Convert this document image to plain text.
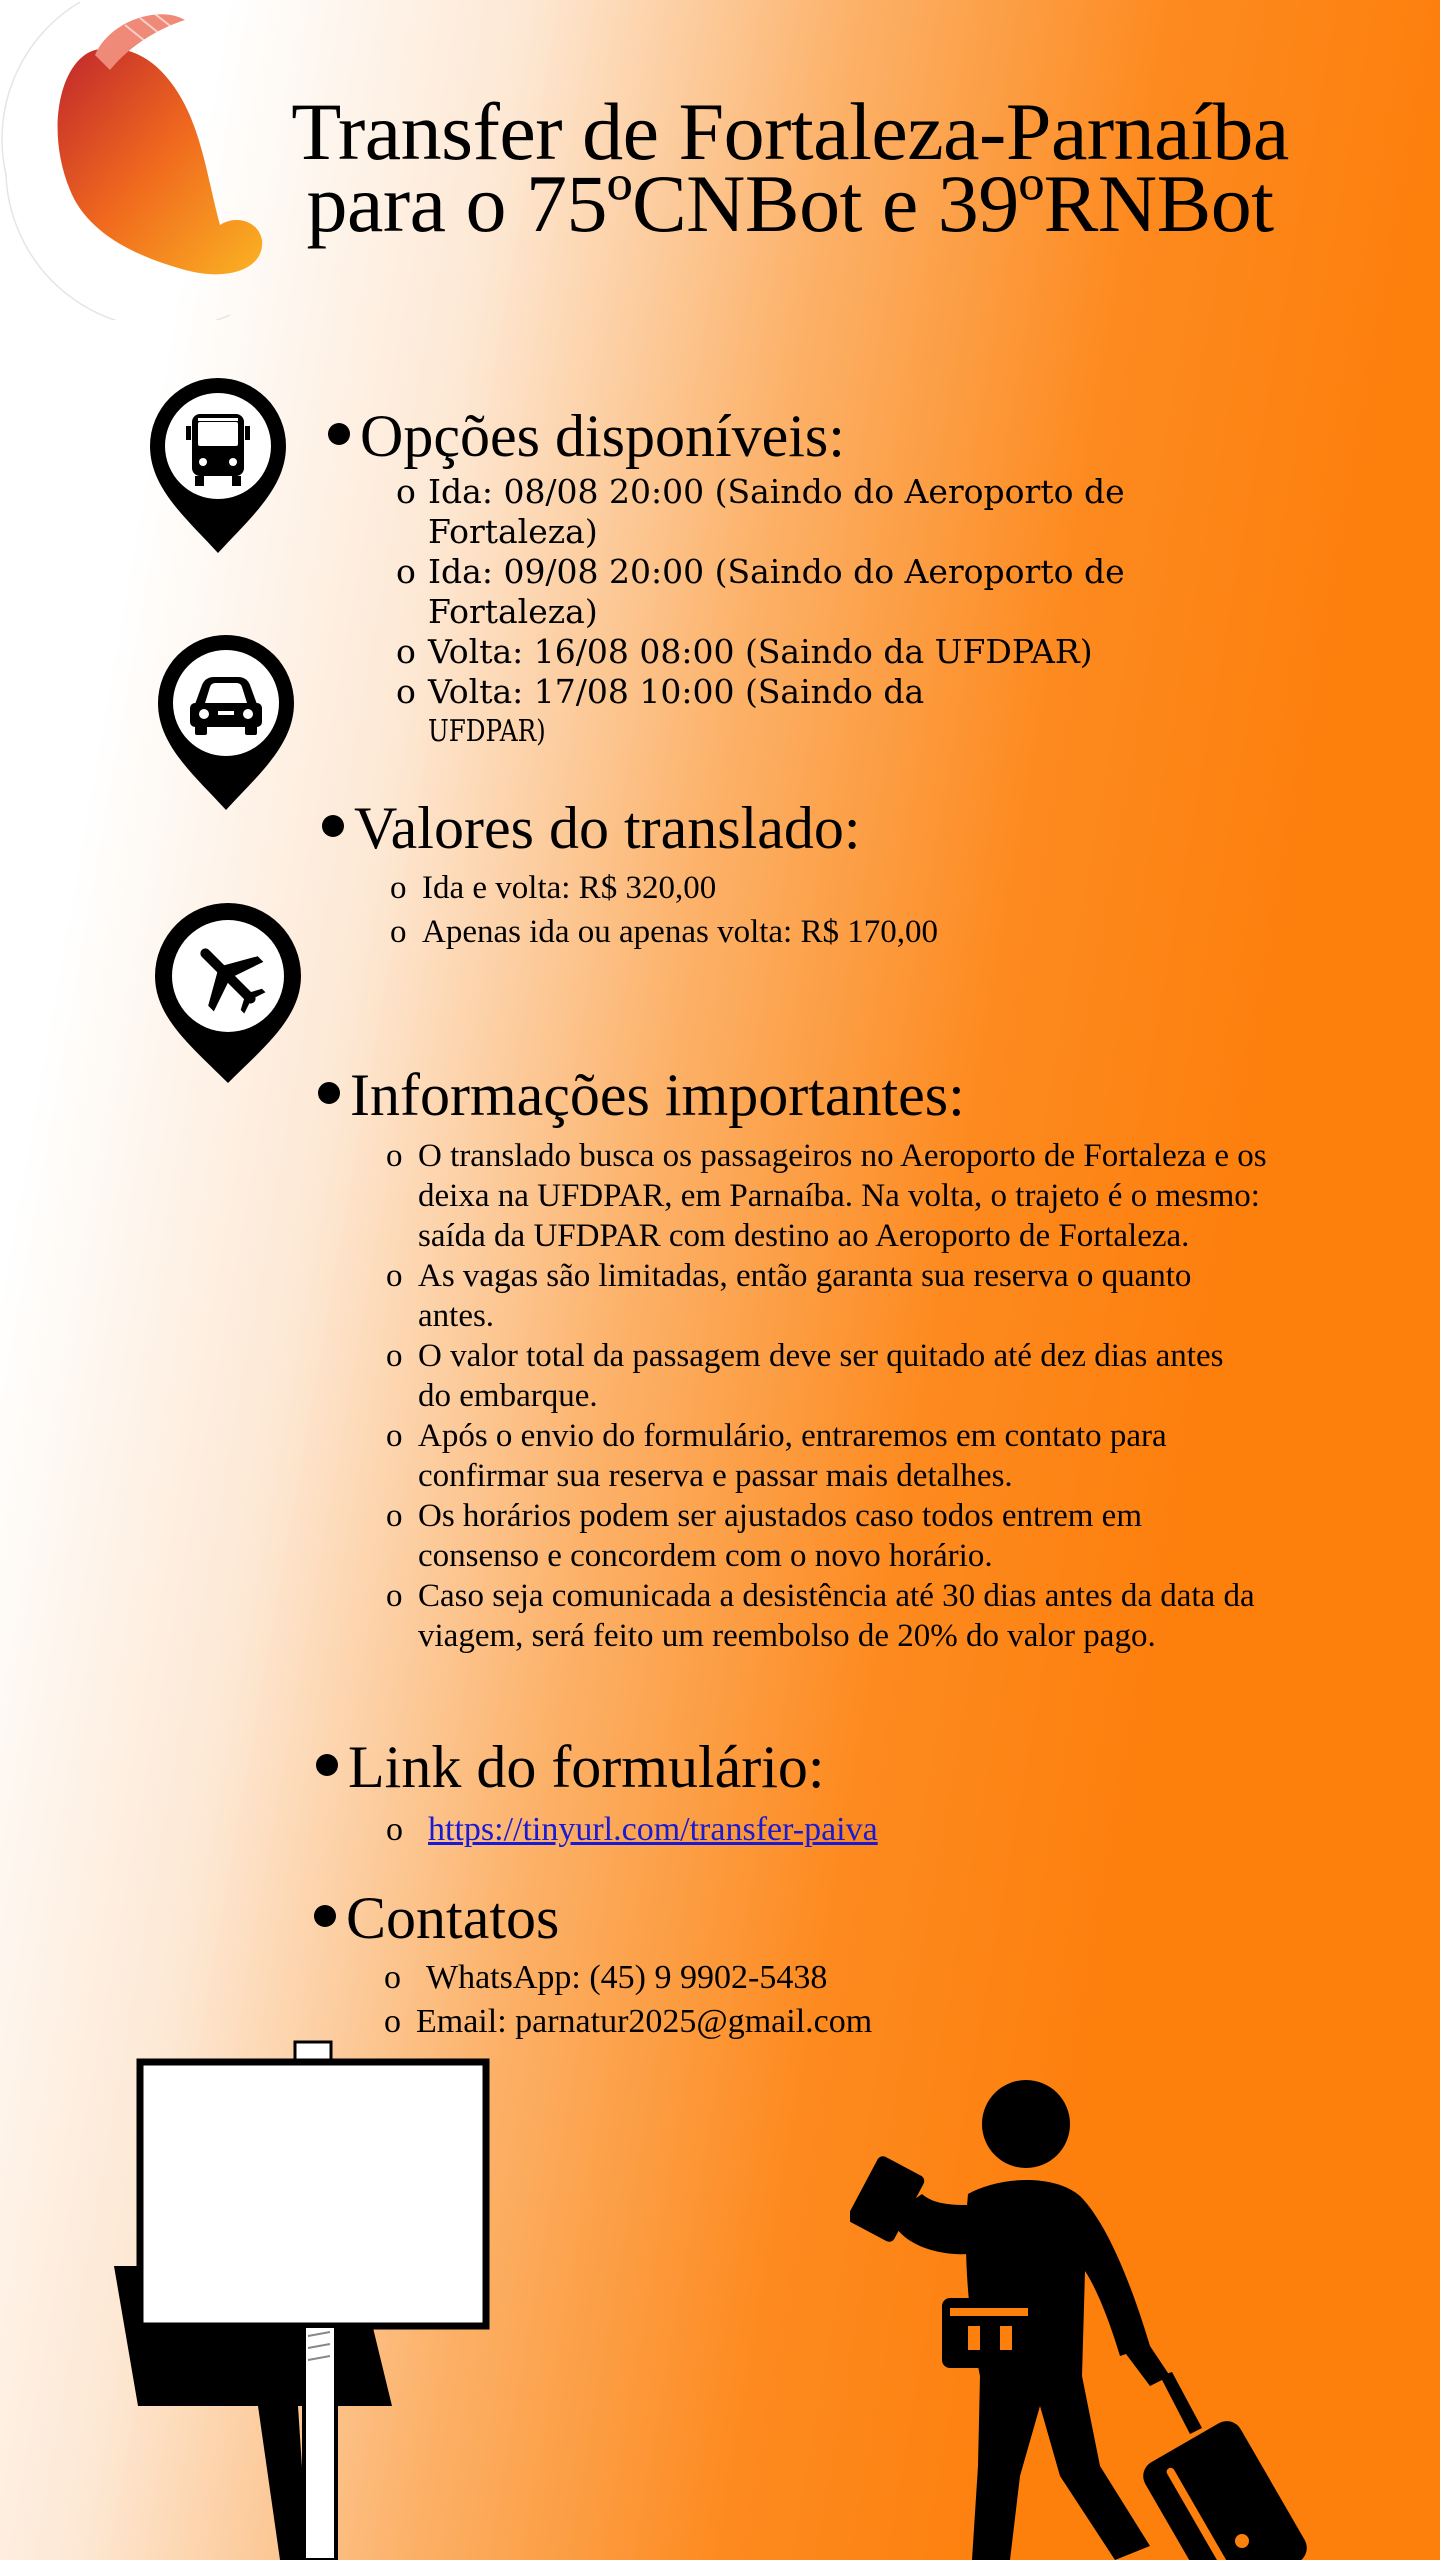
Transfer de Fortaleza-Parnaíba
para o 75ºCNBot e 39ºRNBot
Opções disponíveis:
o Ida: 08/08 20:00 (Saindo do Aeroporto de Fortaleza)
o Ida: 09/08 20:00 (Saindo do Aeroporto de Fortaleza)
o Volta: 16/08 08:00 (Saindo da UFDPAR)
o Volta: 17/08 10:00 (Saindo da
UFDPAR)
Valores do translado:
o Ida e volta: R$ 320,00
o Apenas ida ou apenas volta: R$ 170,00
Informações importantes:
o O translado busca os passageiros no Aeroporto de Fortaleza e os deixa na UFDPAR, em Parnaíba. Na volta, o trajeto é o mesmo: saída da UFDPAR com destino ao Aeroporto de Fortaleza.
o As vagas são limitadas, então garanta sua reserva o quanto antes.
o O valor total da passagem deve ser quitado até dez dias antes do embarque.
o Após o envio do formulário, entraremos em contato para confirmar sua reserva e passar mais detalhes.
o Os horários podem ser ajustados caso todos entrem em consenso e concordem com o novo horário.
o Caso seja comunicada a desistência até 30 dias antes da data da viagem, será feito um reembolso de 20% do valor pago.
Link do formulário:
o https://tinyurl.com/transfer-paiva
Contatos
o WhatsApp: (45) 9 9902-5438
o Email: parnatur2025@gmail.com
